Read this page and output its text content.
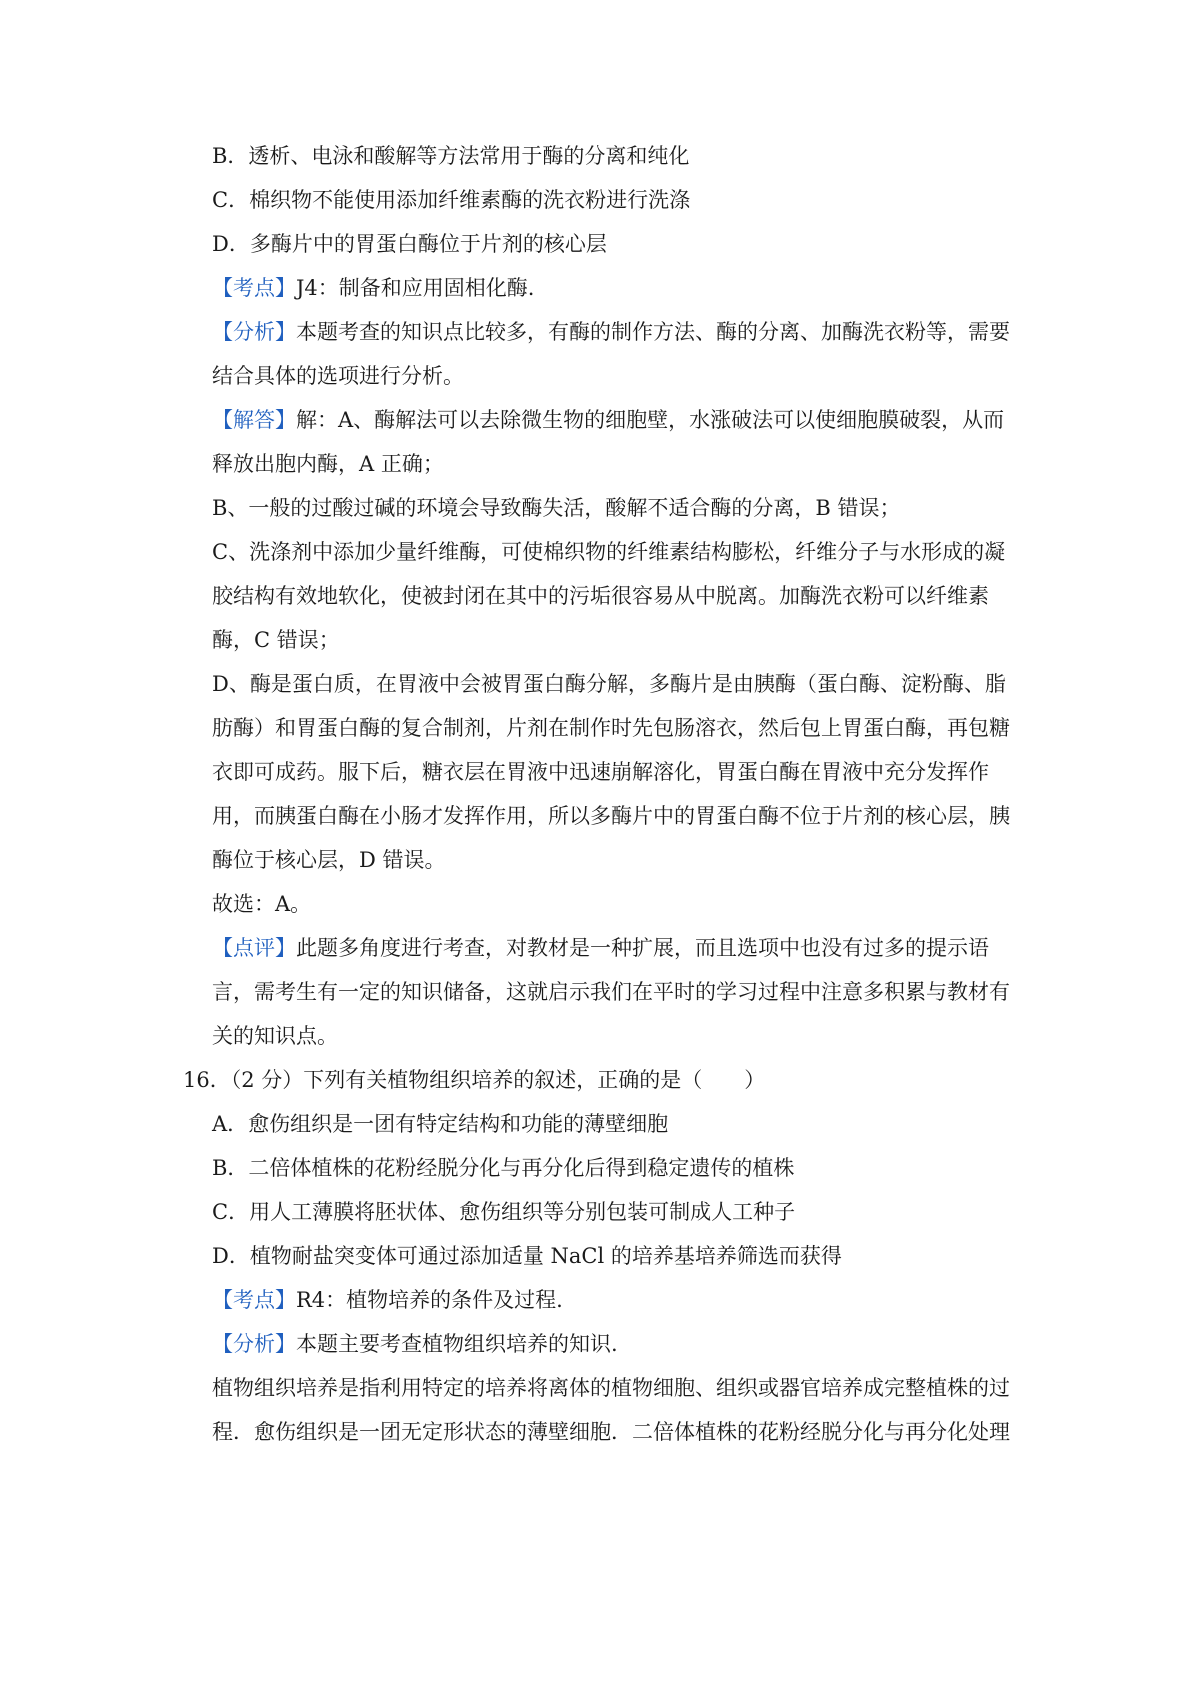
B．透析、电泳和酸解等方法常用于酶的分离和纯化
C．棉织物不能使用添加纤维素酶的洗衣粉进行洗涤
D．多酶片中的胃蛋白酶位于片剂的核心层
【考点】J4：制备和应用固相化酶.
【分析】本题考查的知识点比较多，有酶的制作方法、酶的分离、加酶洗衣粉等，需要
结合具体的选项进行分析。
【解答】解：A、酶解法可以去除微生物的细胞壁，水涨破法可以使细胞膜破裂，从而
释放出胞内酶，A 正确；
B、一般的过酸过碱的环境会导致酶失活，酸解不适合酶的分离，B 错误；
C、洗涤剂中添加少量纤维酶，可使棉织物的纤维素结构膨松，纤维分子与水形成的凝
胶结构有效地软化，使被封闭在其中的污垢很容易从中脱离。加酶洗衣粉可以纤维素
酶，C 错误；
D、酶是蛋白质，在胃液中会被胃蛋白酶分解，多酶片是由胰酶（蛋白酶、淀粉酶、脂
肪酶）和胃蛋白酶的复合制剂，片剂在制作时先包肠溶衣，然后包上胃蛋白酶，再包糖
衣即可成药。服下后，糖衣层在胃液中迅速崩解溶化，胃蛋白酶在胃液中充分发挥作
用，而胰蛋白酶在小肠才发挥作用，所以多酶片中的胃蛋白酶不位于片剂的核心层，胰
酶位于核心层，D 错误。
故选：A。
【点评】此题多角度进行考查，对教材是一种扩展，而且选项中也没有过多的提示语
言，需考生有一定的知识储备，这就启示我们在平时的学习过程中注意多积累与教材有
关的知识点。
16．（2 分）下列有关植物组织培养的叙述，正确的是（　　）
A．愈伤组织是一团有特定结构和功能的薄壁细胞
B．二倍体植株的花粉经脱分化与再分化后得到稳定遗传的植株
C．用人工薄膜将胚状体、愈伤组织等分别包装可制成人工种子
D．植物耐盐突变体可通过添加适量 NaCl 的培养基培养筛选而获得
【考点】R4：植物培养的条件及过程.
【分析】本题主要考查植物组织培养的知识.
植物组织培养是指利用特定的培养将离体的植物细胞、组织或器官培养成完整植株的过
程．愈伤组织是一团无定形状态的薄壁细胞．二倍体植株的花粉经脱分化与再分化处理
